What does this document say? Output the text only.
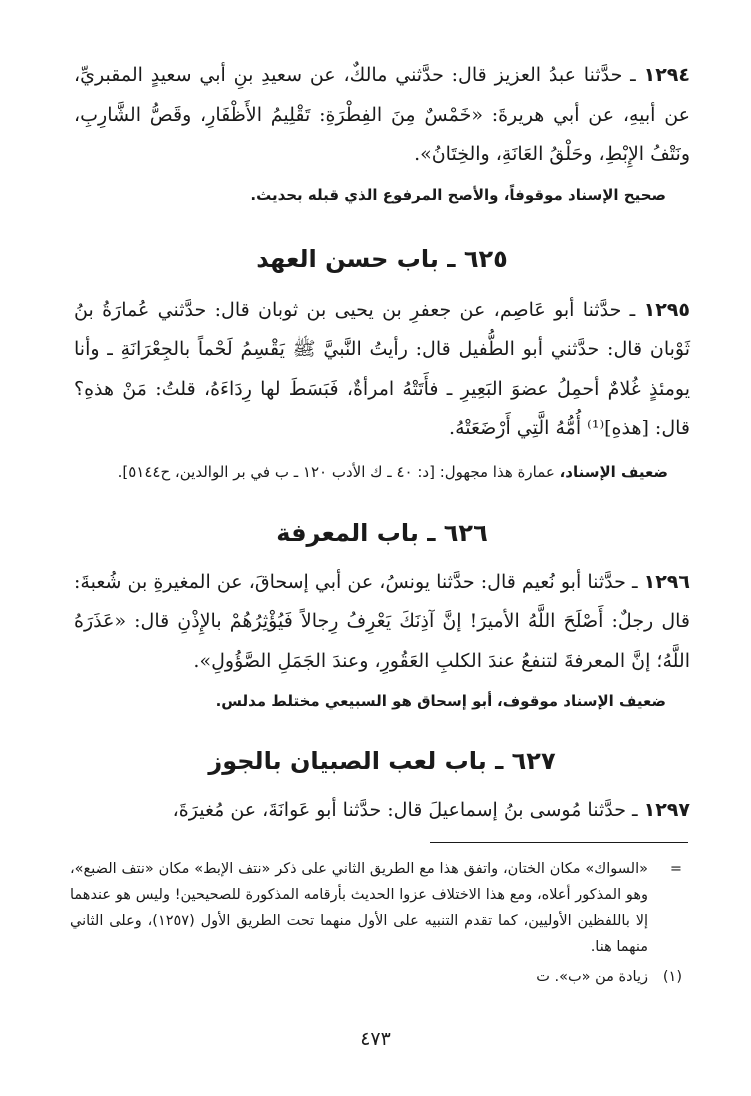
١٢٩٤ ـ حدَّثنا عبدُ العزيز قال: حدَّثني مالكٌ، عن سعيدِ بنِ أبي سعيدٍ المقبريِّ، عن أبيهِ، عن أبي هريرةَ: «خَمْسٌ مِنَ الفِطْرَةِ: تَقْلِيمُ الأَظْفَارِ، وقَصُّ الشَّارِبِ، ونَتْفُ الإِبْطِ، وحَلْقُ العَانَةِ، والخِتَانُ».

صحيح الإسناد موقوفاً، والأصح المرفوع الذي قبله بحديث.

٦٢٥ ـ باب حسن العهد

١٢٩٥ ـ حدَّثنا أبو عَاصِم، عن جعفرِ بن يحيى بن ثوبان قال: حدَّثني عُمارَةُ بنُ ثَوْبان قال: حدَّثني أبو الطُّفيل قال: رأيتُ النَّبيَّ ﷺ يَقْسِمُ لَحْماً بالجِعْرَانَةِ ـ وأنا يومئذٍ غُلامٌ أحمِلُ عضوَ البَعِيرِ ـ فأَتَتْهُ امرأةٌ، فَبَسَطَ لها رِدَاءَهُ، قلتُ: مَنْ هذهِ؟ قال: [هذهِ]⁽¹⁾ أُمُّهُ الَّتِي أَرْضَعَتْهُ.

ضعيف الإسناد، عمارة هذا مجهول: [د: ٤٠ ـ ك الأدب ١٢٠ ـ ب في بر الوالدين، ح٥١٤٤].

٦٢٦ ـ باب المعرفة

١٢٩٦ ـ حدَّثنا أبو نُعيم قال: حدَّثنا يونسُ، عن أبي إسحاقَ، عن المغيرةِ بن شُعبةَ: قال رجلٌ: أَصْلَحَ اللَّهُ الأميرَ! إنَّ آذِنَكَ يَعْرِفُ رِجالاً فَيُؤْثِرُهُمْ بالإِذْنِ قال: «عَذَرَهُ اللَّهُ؛ إنَّ المعرفةَ لتنفعُ عندَ الكلبِ العَقُورِ، وعندَ الجَمَلِ الصَّؤُولِ».

ضعيف الإسناد موقوف، أبو إسحاق هو السبيعي مختلط مدلس.

٦٢٧ ـ باب لعب الصبيان بالجوز

١٢٩٧ ـ حدَّثنا مُوسى بنُ إسماعيلَ قال: حدَّثنا أبو عَوانَةَ، عن مُغيرَةَ،

=
«السواك» مكان الختان، واتفق هذا مع الطريق الثاني على ذكر «نتف الإبط» مكان «نتف الضبع»، وهو المذكور أعلاه، ومع هذا الاختلاف عزوا الحديث بأرقامه المذكورة للصحيحين! وليس هو عندهما إلا باللفظين الأوليين، كما تقدم التنبيه على الأول منهما تحت الطريق الأول (١٢٥٧)، وعلى الثاني منهما هنا.
(١)
زيادة من «ب». ت
٤٧٣
